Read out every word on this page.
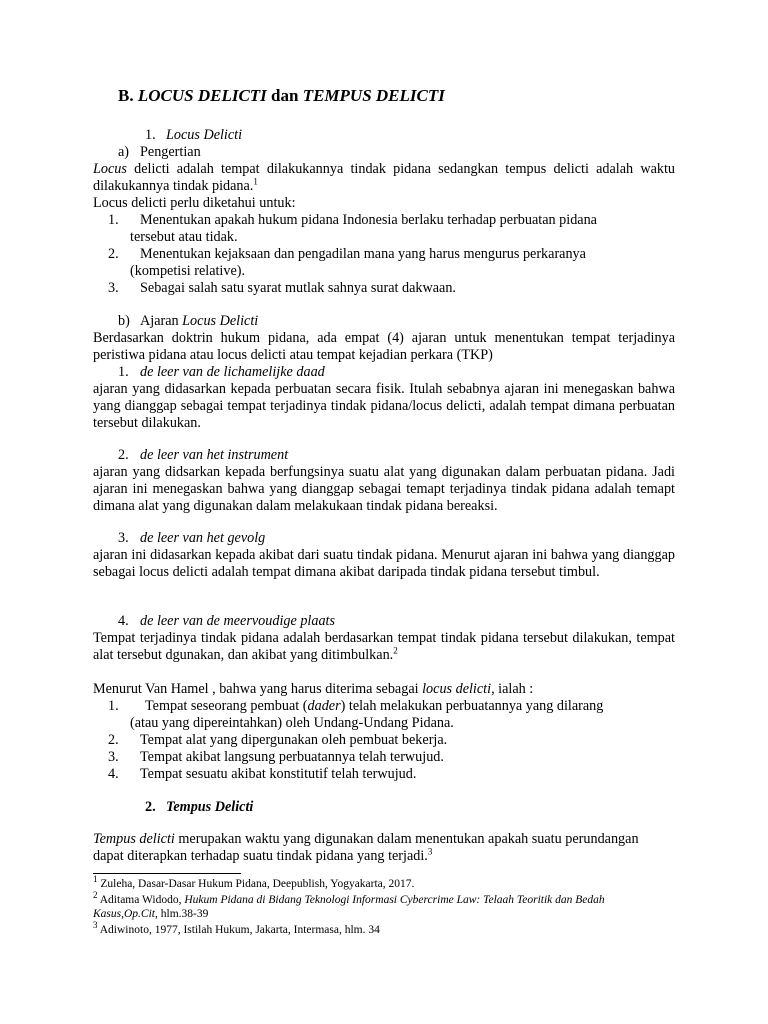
B. LOCUS DELICTI dan TEMPUS DELICTI
1. Locus Delicti
a) Pengertian

Locus delicti adalah tempat dilakukannya tindak pidana sedangkan tempus delicti adalah waktu dilakukannya tindak pidana.$^1$

Locus delicti perlu diketahui untuk:

1. Menentukan apakah hukum pidana Indonesia berlaku terhadap perbuatan pidana
tersebut atau tidak.
2. Menentukan kejaksaan dan pengadilan mana yang harus mengurus perkaranya
(kompetisi relative).
3. Sebagai salah satu syarat mutlak sahnya surat dakwaan.
b) Ajaran Locus Delicti

Berdasarkan doktrin hukum pidana, ada empat (4) ajaran untuk menentukan tempat terjadinya peristiwa pidana atau locus delicti atau tempat kejadian perkara (TKP)

1. de leer van de lichamelijke daad

ajaran yang didasarkan kepada perbuatan secara fisik. Itulah sebabnya ajaran ini menegaskan bahwa yang dianggap sebagai tempat terjadinya tindak pidana/locus delicti, adalah tempat dimana perbuatan tersebut dilakukan.

2. de leer van het instrument

ajaran yang didsarkan kepada berfungsinya suatu alat yang digunakan dalam perbuatan pidana. Jadi ajaran ini menegaskan bahwa yang dianggap sebagai temapt terjadinya tindak pidana adalah temapt dimana alat yang digunakan dalam melakukaan tindak pidana bereaksi.

3. de leer van het gevolg

ajaran ini didasarkan kepada akibat dari suatu tindak pidana. Menurut ajaran ini bahwa yang dianggap sebagai locus delicti adalah tempat dimana akibat daripada tindak pidana tersebut timbul.

4. de leer van de meervoudige plaats

Tempat terjadinya tindak pidana adalah berdasarkan tempat tindak pidana tersebut dilakukan, tempat alat tersebut dgunakan, dan akibat yang ditimbulkan.$^2$

Menurut Van Hamel , bahwa yang harus diterima sebagai locus delicti, ialah :

1. Tempat seseorang pembuat (dader) telah melakukan perbuatannya yang dilarang
(atau yang dipereintahkan) oleh Undang-Undang Pidana.
2. Tempat alat yang dipergunakan oleh pembuat bekerja.
3. Tempat akibat langsung perbuatannya telah terwujud.
4. Tempat sesuatu akibat konstitutif telah terwujud.
2. Tempus Delicti

Tempus delicti merupakan waktu yang digunakan dalam menentukan apakah suatu perundangan dapat diterapkan terhadap suatu tindak pidana yang terjadi.$^3$

$^1$ Zuleha, Dasar-Dasar Hukum Pidana, Deepublish, Yogyakarta, 2017.
$^2$ Aditama Widodo, Hukum Pidana di Bidang Teknologi Informasi Cybercrime Law: Telaah Teoritik dan Bedah Kasus,Op.Cit, hlm.38-39
$^3$ Adiwinoto, 1977, Istilah Hukum, Jakarta, Intermasa, hlm. 34
